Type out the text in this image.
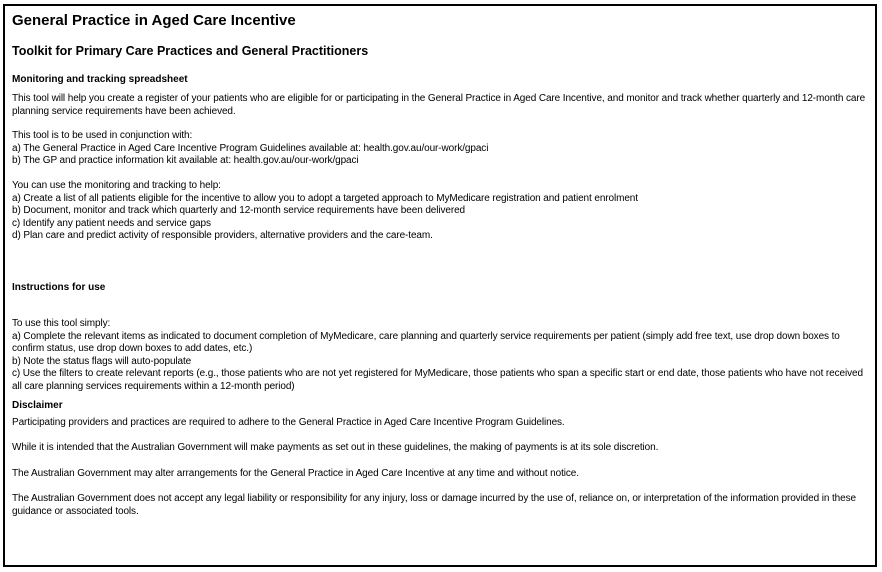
General Practice in Aged Care Incentive
Toolkit for Primary Care Practices and General Practitioners
Monitoring and tracking spreadsheet
This tool will help you create a register of your patients who are eligible for or participating in the General Practice in Aged Care Incentive, and monitor and track whether quarterly and 12-month care planning service requirements have been achieved.
This tool is to be used in conjunction with:
a) The General Practice in Aged Care Incentive Program Guidelines available at: health.gov.au/our-work/gpaci
b) The GP and practice information kit available at: health.gov.au/our-work/gpaci
You can use the monitoring and tracking to help:
a) Create a list of all patients eligible for the incentive to allow you to adopt a targeted approach to MyMedicare registration and patient enrolment
b) Document, monitor and track which quarterly and 12-month service requirements have been delivered
c) Identify any patient needs and service gaps
d) Plan care and predict activity of responsible providers, alternative providers and the care-team.
Instructions for use
To use this tool simply:
a) Complete the relevant items as indicated to document completion of MyMedicare, care planning and quarterly service requirements per patient (simply add free text, use drop down boxes to confirm status, use drop down boxes to add dates, etc.)
b) Note the status flags will auto-populate
c) Use the filters to create relevant reports (e.g., those patients who are not yet registered for MyMedicare, those patients who span a specific start or end date, those patients who have not received all care planning services requirements within a 12-month period)
Disclaimer
Participating providers and practices are required to adhere to the General Practice in Aged Care Incentive Program Guidelines.
While it is intended that the Australian Government will make payments as set out in these guidelines, the making of payments is at its sole discretion.
The Australian Government may alter arrangements for the General Practice in Aged Care Incentive at any time and without notice.
The Australian Government does not accept any legal liability or responsibility for any injury, loss or damage incurred by the use of, reliance on, or interpretation of the information provided in these guidance or associated tools.
